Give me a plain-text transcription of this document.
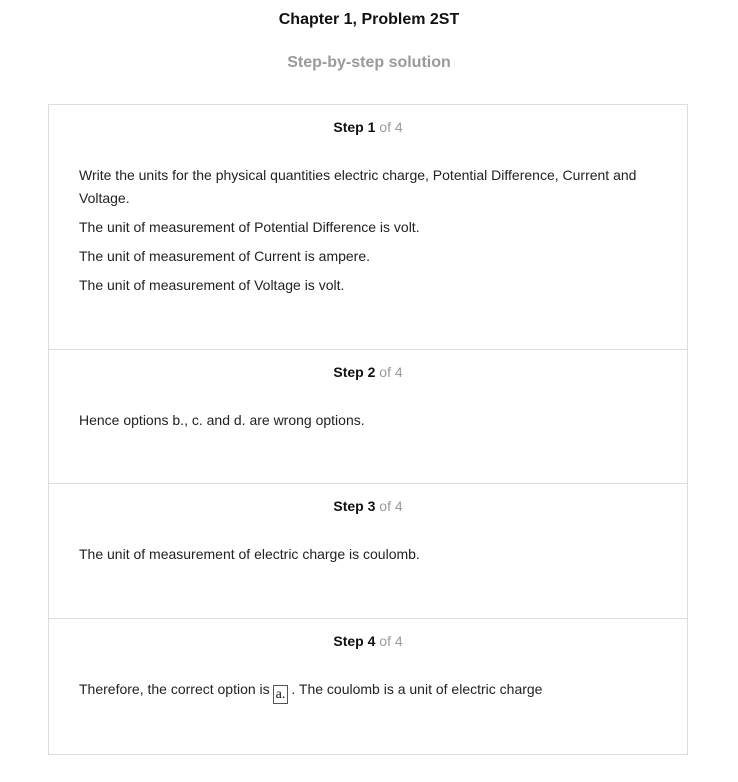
Chapter 1, Problem 2ST
Step-by-step solution
Step 1 of 4

Write the units for the physical quantities electric charge, Potential Difference, Current and Voltage.

The unit of measurement of Potential Difference is volt.

The unit of measurement of Current is ampere.

The unit of measurement of Voltage is volt.

Step 2 of 4

Hence options b., c. and d. are wrong options.

Step 3 of 4

The unit of measurement of electric charge is coulomb.

Step 4 of 4

Therefore, the correct option is a. . The coulomb is a unit of electric charge
